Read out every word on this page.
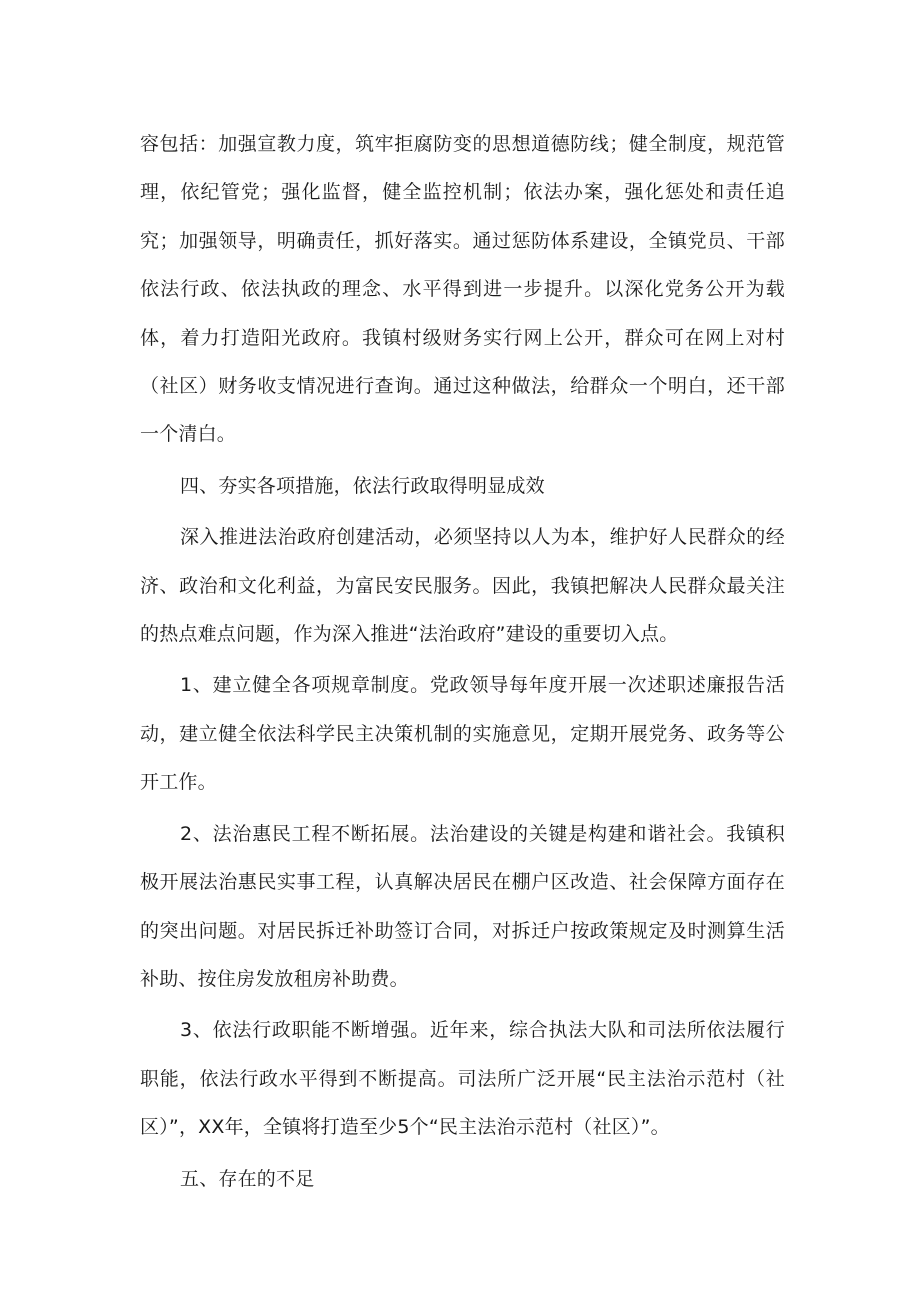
容包括：加强宣教力度，筑牢拒腐防变的思想道德防线；健全制度，规范管理，依纪管党；强化监督，健全监控机制；依法办案，强化惩处和责任追究；加强领导，明确责任，抓好落实。通过惩防体系建设，全镇党员、干部依法行政、依法执政的理念、水平得到进一步提升。以深化党务公开为载体，着力打造阳光政府。我镇村级财务实行网上公开，群众可在网上对村（社区）财务收支情况进行查询。通过这种做法，给群众一个明白，还干部一个清白。

四、夯实各项措施，依法行政取得明显成效

深入推进法治政府创建活动，必须坚持以人为本，维护好人民群众的经济、政治和文化利益，为富民安民服务。因此，我镇把解决人民群众最关注的热点难点问题，作为深入推进“法治政府”建设的重要切入点。

1、建立健全各项规章制度。党政领导每年度开展一次述职述廉报告活动，建立健全依法科学民主决策机制的实施意见，定期开展党务、政务等公开工作。

2、法治惠民工程不断拓展。法治建设的关键是构建和谐社会。我镇积极开展法治惠民实事工程，认真解决居民在棚户区改造、社会保障方面存在的突出问题。对居民拆迁补助签订合同，对拆迁户按政策规定及时测算生活补助、按住房发放租房补助费。

3、依法行政职能不断增强。近年来，综合执法大队和司法所依法履行职能，依法行政水平得到不断提高。司法所广泛开展“民主法治示范村（社区）”，XX年，全镇将打造至少5个“民主法治示范村（社区）”。

五、存在的不足
